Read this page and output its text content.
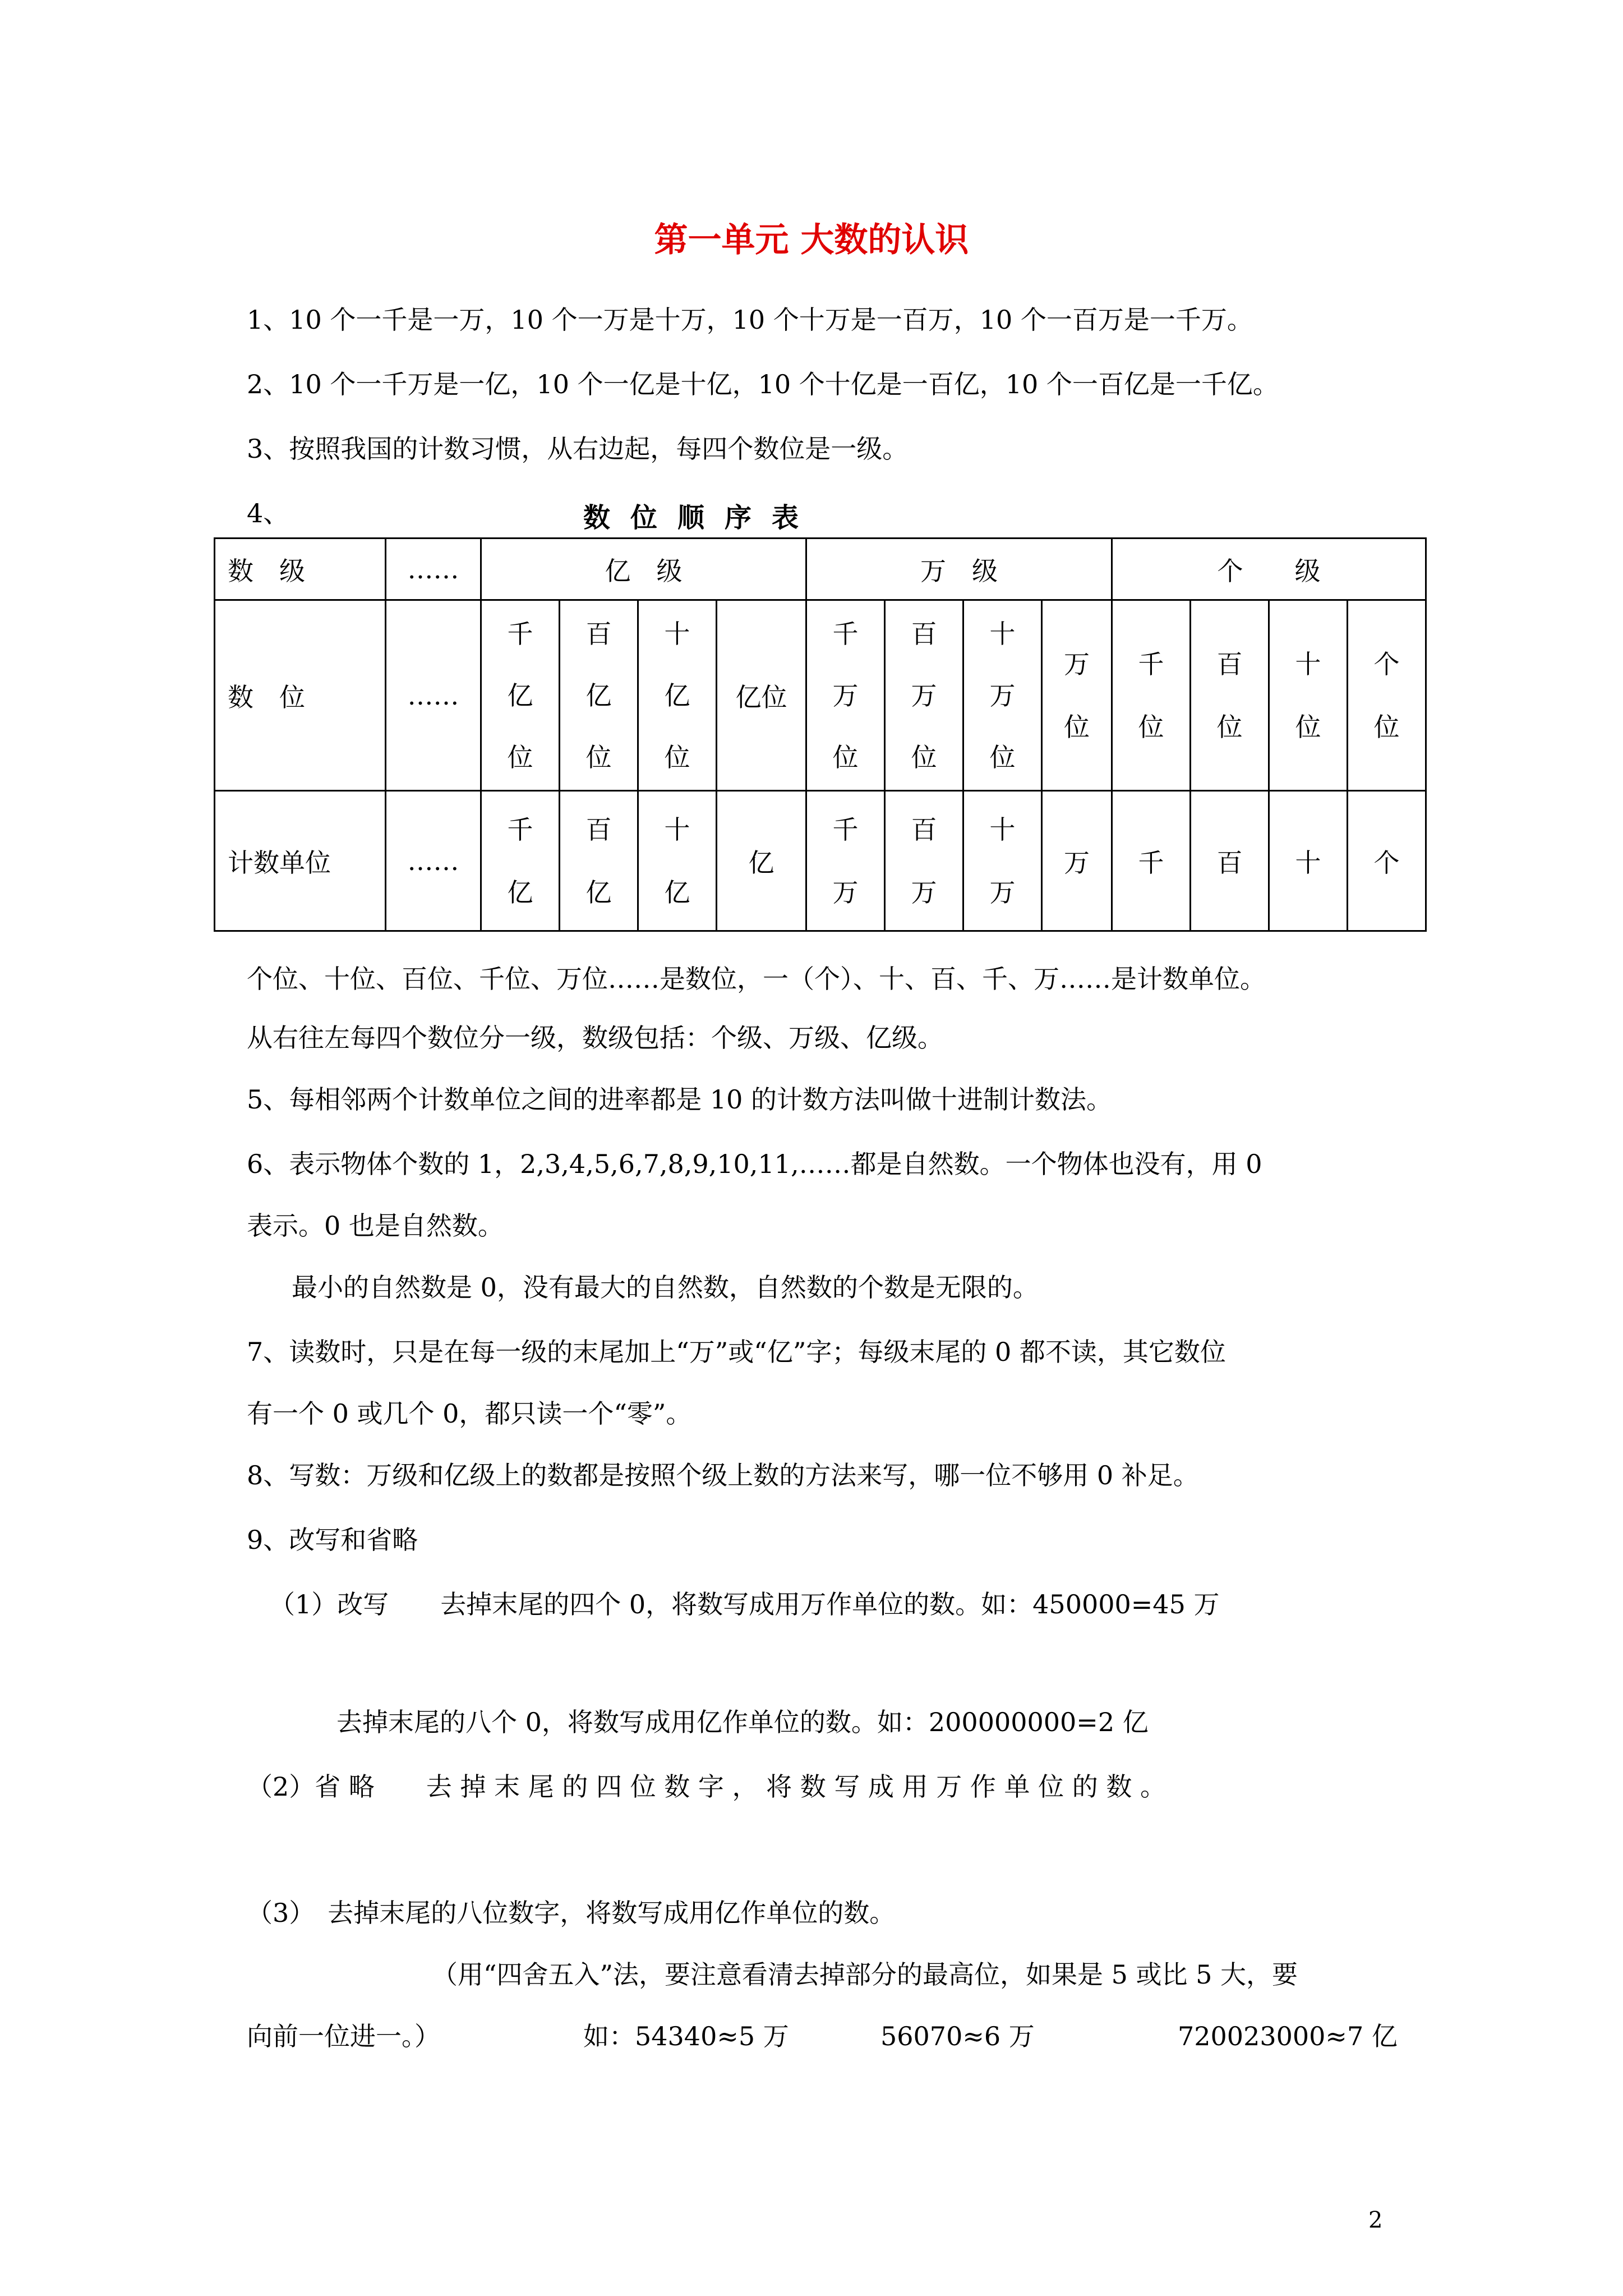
第一单元 大数的认识
1、10 个一千是一万，10 个一万是十万，10 个十万是一百万，10 个一百万是一千万。
2、10 个一千万是一亿，10 个一亿是十亿，10 个十亿是一百亿，10 个一百亿是一千亿。
3、按照我国的计数习惯，从右边起，每四个数位是一级。
4、	数位顺序表
数　级	……	亿　级				万　级				个　　级			
数　位	……	千亿位	百亿位	十亿位	亿位	千万位	百万位	十万位	万位	千位	百位	十位	个位
计数单位	……	千亿	百亿	十亿	亿	千万	百万	十万	万	千	百	十	个
个位、十位、百位、千位、万位……是数位，一（个）、十、百、千、万……是计数单位。
从右往左每四个数位分一级，数级包括：个级、万级、亿级。
5、每相邻两个计数单位之间的进率都是 10 的计数方法叫做十进制计数法。
6、表示物体个数的 1，2,3,4,5,6,7,8,9,10,11,……都是自然数。一个物体也没有，用 0
表示。0 也是自然数。
最小的自然数是 0，没有最大的自然数，自然数的个数是无限的。
7、读数时，只是在每一级的末尾加上“万”或“亿”字；每级末尾的 0 都不读，其它数位
有一个 0 或几个 0，都只读一个“零”。
8、写数：万级和亿级上的数都是按照个级上数的方法来写，哪一位不够用 0 补足。
9、改写和省略
（1）改写　　去掉末尾的四个 0，将数写成用万作单位的数。如：450000=45 万
去掉末尾的八个 0，将数写成用亿作单位的数。如：200000000=2 亿
（2）省 略　　去 掉 末 尾 的 四 位 数 字 ， 将 数 写 成 用 万 作 单 位 的 数 。
（3）　去掉末尾的八位数字，将数写成用亿作单位的数。
（用“四舍五入”法，要注意看清去掉部分的最高位，如果是 5 或比 5 大，要
向前一位进一。）	如：54340≈5 万	56070≈6 万	720023000≈7 亿
2
